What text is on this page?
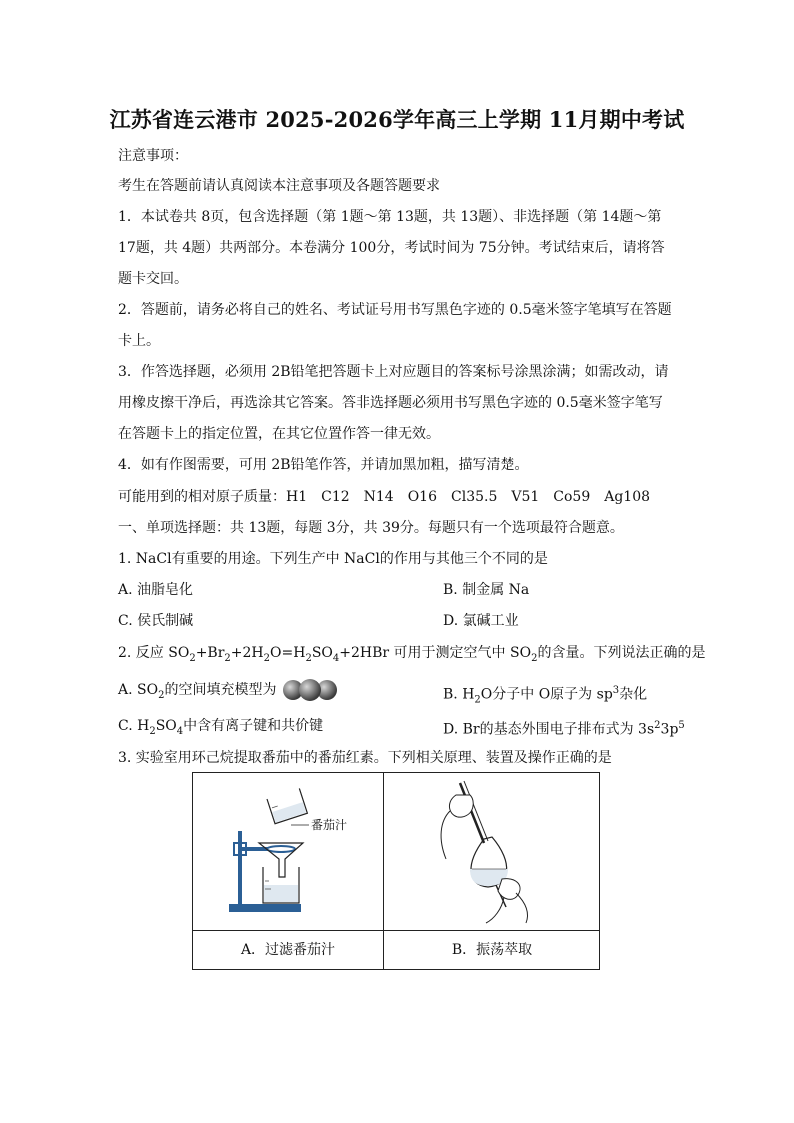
江苏省连云港市 2025-2026学年高三上学期 11月期中考试
注意事项：
考生在答题前请认真阅读本注意事项及各题答题要求
1．本试卷共 8页，包含选择题（第 1题～第 13题，共 13题）、非选择题（第 14题～第
17题，共 4题）共两部分。本卷满分 100分，考试时间为 75分钟。考试结束后，请将答
题卡交回。
2．答题前，请务必将自己的姓名、考试证号用书写黑色字迹的 0.5毫米签字笔填写在答题
卡上。
3．作答选择题，必须用 2B铅笔把答题卡上对应题目的答案标号涂黑涂满；如需改动，请
用橡皮擦干净后，再选涂其它答案。答非选择题必须用书写黑色字迹的 0.5毫米签字笔写
在答题卡上的指定位置，在其它位置作答一律无效。
4．如有作图需要，可用 2B铅笔作答，并请加黑加粗，描写清楚。
可能用到的相对原子质量：H1　C12　N14　O16　Cl35.5　V51　Co59　Ag108
一、单项选择题：共 13题，每题 3分，共 39分。每题只有一个选项最符合题意。
1. NaCl有重要的用途。下列生产中 NaCl的作用与其他三个不同的是
A. 油脂皂化	B. 制金属 Na
C. 侯氏制碱	D. 氯碱工业
2. 反应 $SO_2+Br_2+2H_2O=H_2SO_4+2HBr$ 可用于测定空气中 $SO_2$的含量。下列说法正确的是
A. $SO_2$的空间填充模型为	B. $H_2O$分子中 O原子为 $sp^3$杂化
C. $H_2SO_4$中含有离子键和共价键	D. Br的基态外围电子排布式为 $3s^23p^5$
3. 实验室用环己烷提取番茄中的番茄红素。下列相关原理、装置及操作正确的是
番茄汁
A．过滤番茄汁	B．振荡萃取
